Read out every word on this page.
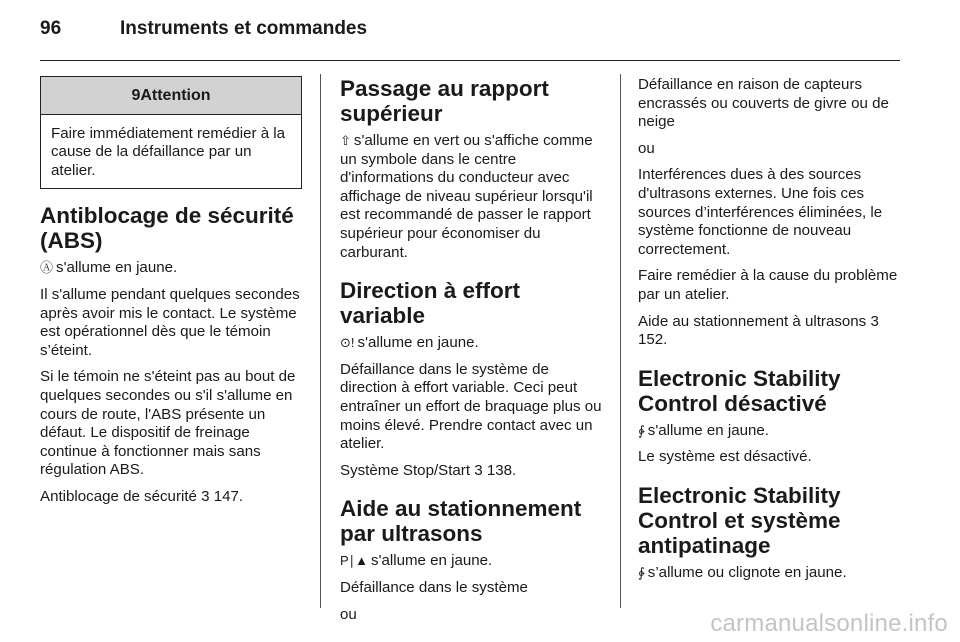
96	Instruments et commandes
9Attention
Faire immédiatement remédier à la cause de la défaillance par un atelier.
Antiblocage de sécurité (ABS)

Ⓐ s'allume en jaune.

Il s'allume pendant quelques secondes après avoir mis le contact. Le système est opérationnel dès que le témoin s’éteint.

Si le témoin ne s'éteint pas au bout de quelques secondes ou s'il s'allume en cours de route, l'ABS présente un défaut. Le dispositif de freinage continue à fonctionner mais sans régulation ABS.

Antiblocage de sécurité 3 147.

Passage au rapport supérieur

⇧ s'allume en vert ou s'affiche comme un symbole dans le centre d'informations du conducteur avec affichage de niveau supérieur lorsqu'il est recommandé de passer le rapport supérieur pour économiser du carburant.

Direction à effort variable

⊙! s'allume en jaune.

Défaillance dans le système de direction à effort variable. Ceci peut entraîner un effort de braquage plus ou moins élevé. Prendre contact avec un atelier.

Système Stop/Start 3 138.

Aide au stationnement par ultrasons

P∣▲ s'allume en jaune.

Défaillance dans le système

ou

Défaillance en raison de capteurs encrassés ou couverts de givre ou de neige

ou

Interférences dues à des sources d'ultrasons externes. Une fois ces sources d’interférences éliminées, le système fonctionne de nouveau correctement.

Faire remédier à la cause du problème par un atelier.

Aide au stationnement à ultrasons 3 152.

Electronic Stability Control désactivé

∳ s'allume en jaune.

Le système est désactivé.

Electronic Stability Control et système antipatinage

∲ s’allume ou clignote en jaune.

carmanualsonline.info
